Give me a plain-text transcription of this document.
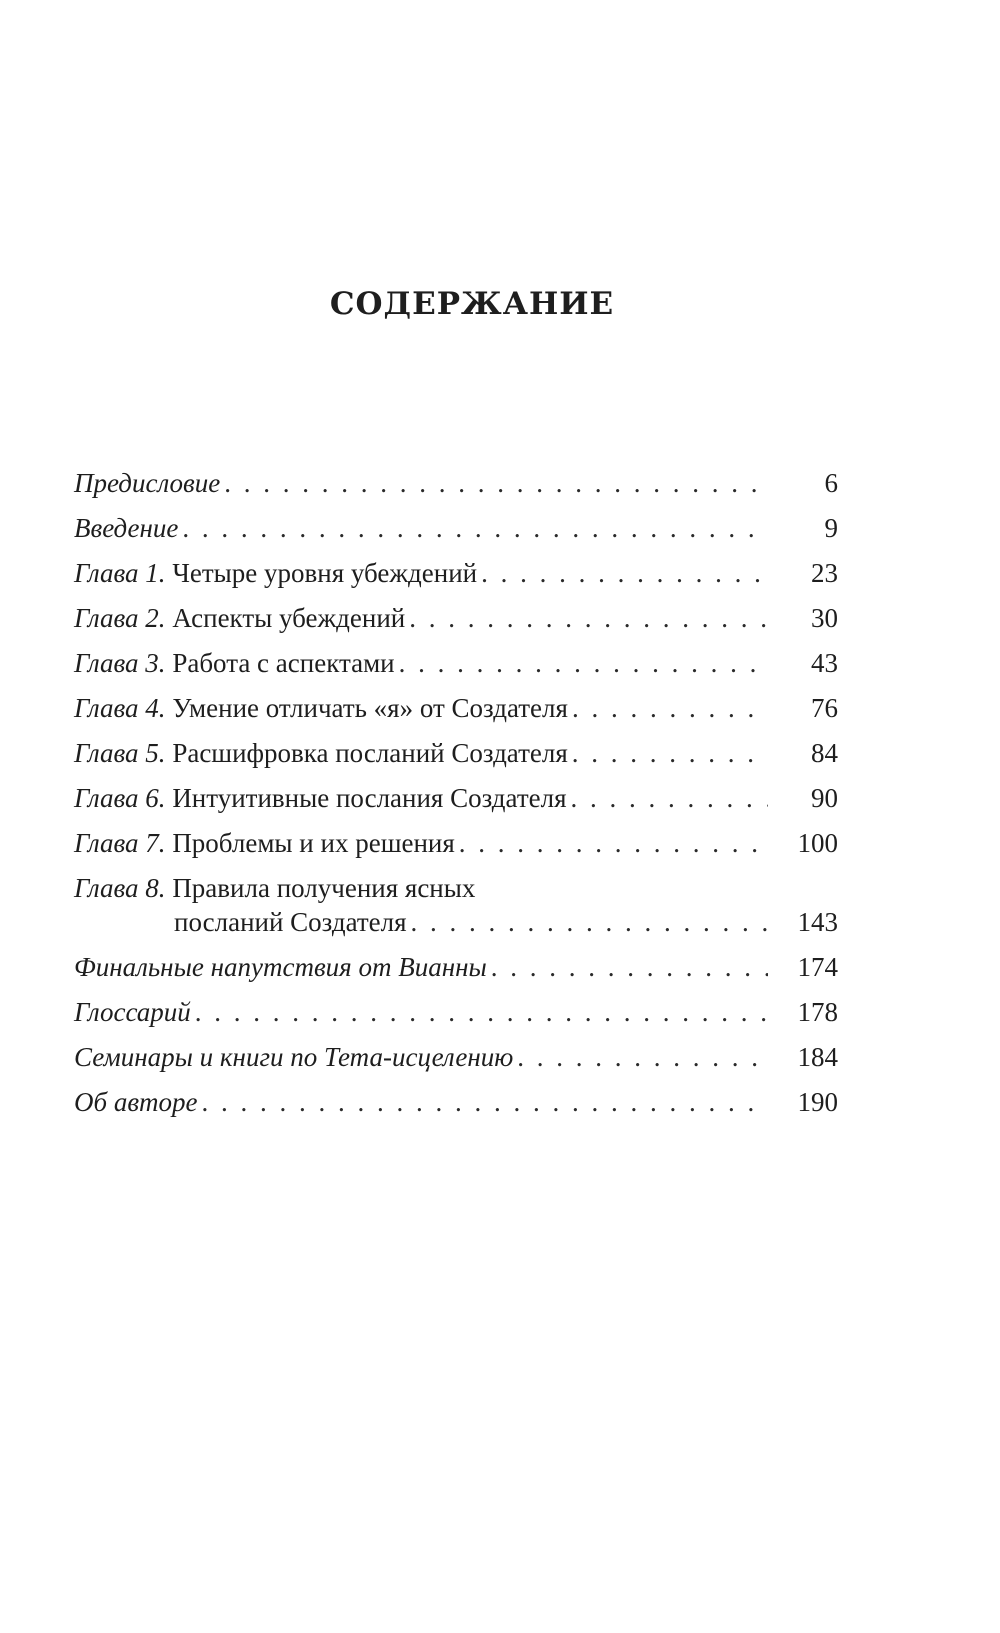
СОДЕРЖАНИЕ
Предисловие . . .	6
Введение . . .	9
Глава 1. Четыре уровня убеждений . . .	23
Глава 2. Аспекты убеждений . . .	30
Глава 3. Работа с аспектами . . .	43
Глава 4. Умение отличать «я» от Создателя . . .	76
Глава 5. Расшифровка посланий Создателя . . .	84
Глава 6. Интуитивные послания Создателя . . .	90
Глава 7. Проблемы и их решения . . .	100
Глава 8. Правила получения ясных
посланий Создателя . . .	143
Финальные напутствия от Вианны . . .	174
Глоссарий . . .	178
Семинары и книги по Тета-исцелению . . .	184
Об авторе . . .	190
